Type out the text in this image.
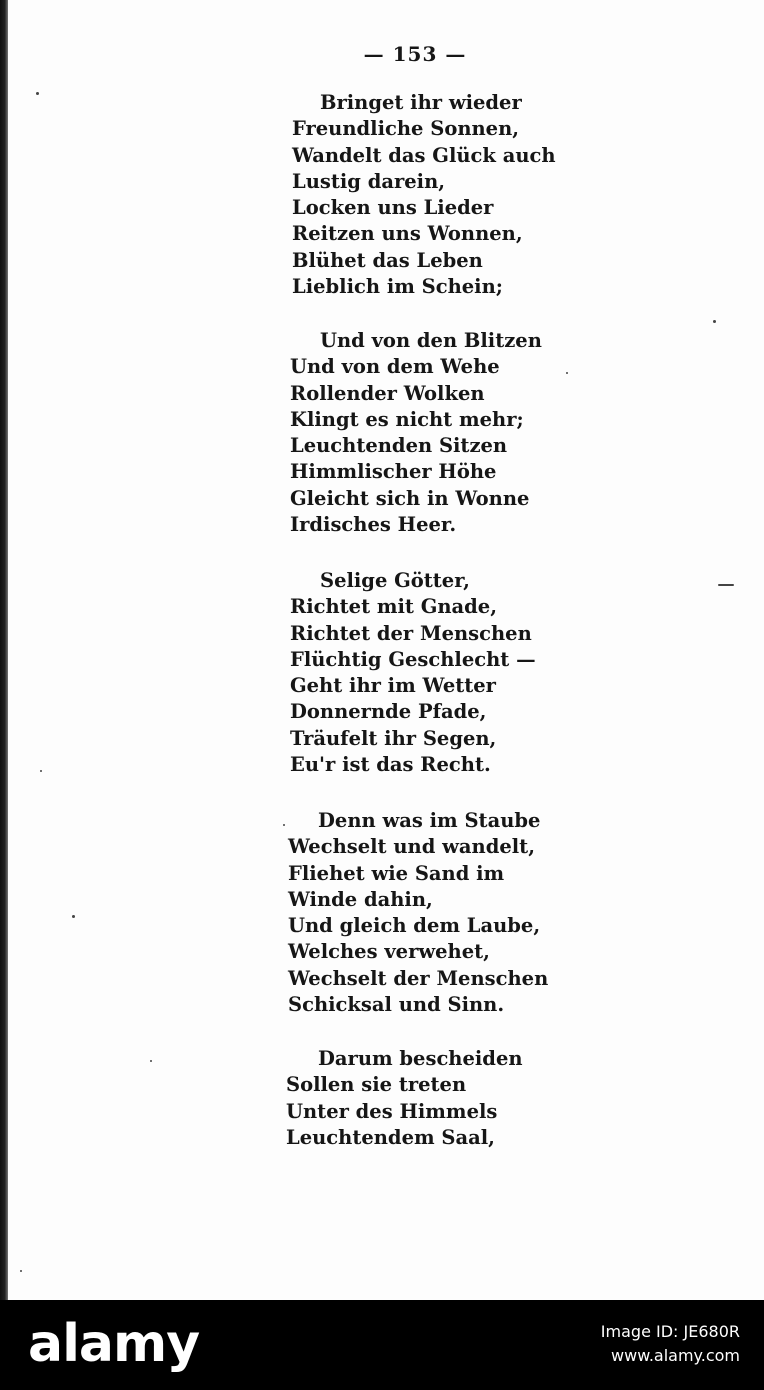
— 153 —
Bringet ihr wieder
Freundliche Sonnen,
Wandelt das Glück auch
Lustig darein,
Locken uns Lieder
Reitzen uns Wonnen,
Blühet das Leben
Lieblich im Schein;
Und von den Blitzen
Und von dem Wehe
Rollender Wolken
Klingt es nicht mehr;
Leuchtenden Sitzen
Himmlischer Höhe
Gleicht sich in Wonne
Irdisches Heer.
Selige Götter,
Richtet mit Gnade,
Richtet der Menschen
Flüchtig Geschlecht —
Geht ihr im Wetter
Donnernde Pfade,
Träufelt ihr Segen,
Eu'r ist das Recht.
Denn was im Staube
Wechselt und wandelt,
Fliehet wie Sand im
Winde dahin,
Und gleich dem Laube,
Welches verwehet,
Wechselt der Menschen
Schicksal und Sinn.
Darum bescheiden
Sollen sie treten
Unter des Himmels
Leuchtendem Saal,
alamy	Image ID: JE680R
www.alamy.com
